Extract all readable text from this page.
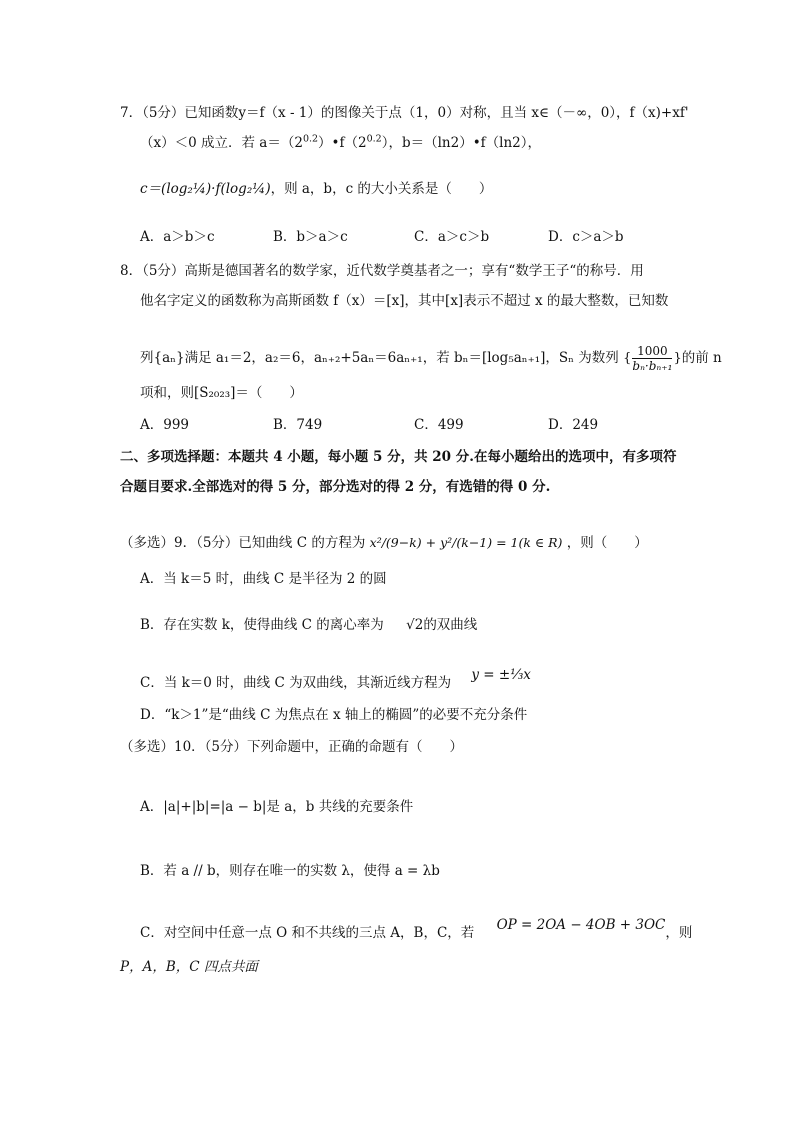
7．（5分）已知函数y＝f（x - 1）的图像关于点（1，0）对称，且当 x∈（－∞，0），f（x)+xf'
（x）＜0 成立．若 $a=(2^{0.2})•f(2^{0.2})$，b＝（ln2）•f（ln2），
c＝(log₂¼)·f(log₂¼)，则 a，b，c 的大小关系是（　　）
A．a＞b＞c	B．b＞a＞c	C．a＞c＞b	D．c＞a＞b
8．（5分）高斯是德国著名的数学家，近代数学奠基者之一；享有“数学王子“的称号．用
他名字定义的函数称为高斯函数 f（x）＝[x]，其中[x]表示不超过 x 的最大整数，已知数
列{aₙ}满足 a₁＝2，a₂＝6，aₙ₊₂+5aₙ＝6aₙ₊₁，若 bₙ＝[log₅aₙ₊₁]，Sₙ 为数列 { $\frac{1000}{\text{bₙ·bₙ₊₁}}$ }的前 n
项和，则[S₂₀₂₃]＝（　　）
A．999	B．749	C．499	D．249
二、多项选择题：本题共 4 小题，每小题 5 分，共 20 分.在每小题给出的选项中，有多项符
合题目要求.全部选对的得 5 分，部分选对的得 2 分，有选错的得 0 分.
（多选）9．（5分）已知曲线 C 的方程为 x²/(9−k) + y²/(k−1) = 1(k ∈ R) ，则（　　）
A．当 k＝5 时，曲线 C 是半径为 2 的圆
B．存在实数 k，使得曲线 C 的离心率为 √2的双曲线
C．当 k＝0 时，曲线 C 为双曲线，其渐近线方程为 y = ±⅓x
D．“k＞1”是“曲线 C 为焦点在 x 轴上的椭圆”的必要不充分条件
（多选）10．（5分）下列命题中，正确的命题有（　　）
A．|a|+|b|=|a − b|是 a，b 共线的充要条件
B．若 a // b，则存在唯一的实数 λ，使得 a = λb
C．对空间中任意一点 O 和不共线的三点 A，B，C，若 OP = 2OA − 4OB + 3OC，则
P，A，B，C 四点共面
